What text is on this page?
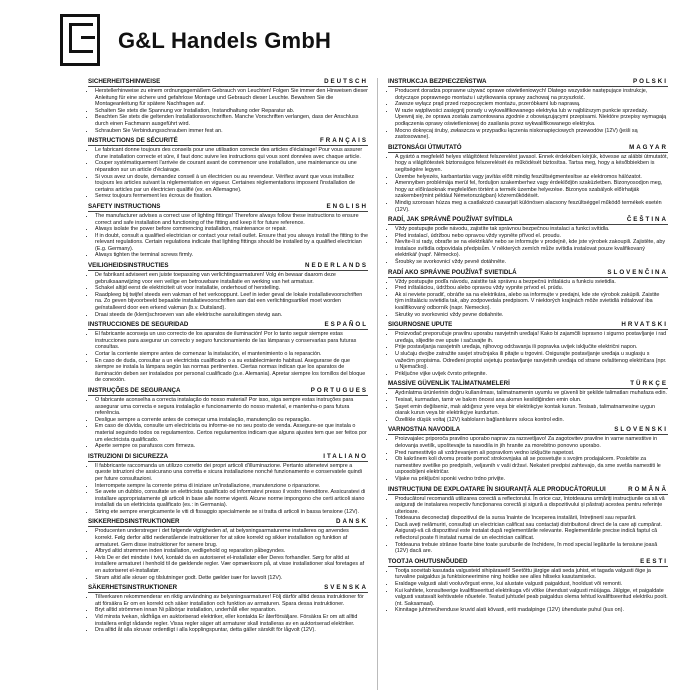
G&L Handels GmbH
SICHERHEITSHINWEISE	DEUTSCH
• Herstellerhinweise zu einem ordnungsgemäßem Gebrauch von Leuchten! Folgen Sie immer den Hinweisen dieser Anleitung für eine sichere und gefahrlose Montage und Gebrauch dieser Leuchte. Bewahren Sie die Montageanleitung für spätere Nachfragen auf.
• Schalten Sie stets die Spannung vor Installation, Instandhaltung oder Reparatur ab.
• Beachten Sie stets die geltenden Installationsvorschriften. Manche Vorschriften verlangen, dass der Anschluss durch einen Fachmann ausgeführt wird.
• Schrauben Sie Verbindungsschrauben immer fest an.
INSTRUCTIONS DE SÉCURITÉ	FRANÇAIS
• Le fabricant donne toujours des conseils pour une utilisation correcte des articles d'éclairage! Pour vous assurer d'une installation correcte et sûre, il faut donc suivre les instructions qui vous sont données avec chaque article.
• Couper systématiquement l'arrivée de courant avant de commencer une installation, une maintenance ou une réparation sur un article d'éclairage.
• Si vous avez un doute, demandez conseil à un électricien ou au revendeur. Vérifiez avant que vous installiez toujours les articles suivant la réglementation en vigueur. Certaines réglementations imposent l'installation de certains articles par un électricien qualifié (ex. en Allemagne).
• Serrez toujours fermement les écrous de fixation.
SAFETY INSTRUCTIONS	ENGLISH
• The manufacturer advises a correct use of lighting fittings! Therefore always follow these instructions to ensure correct and safe installation and functioning of the fitting and keep it for future reference.
• Always isolate the power before commencing installation, maintenance or repair.
• If in doubt, consult a qualified electrician or contact your retail outlet. Ensure that you always install the fitting to the relevant regulations. Certain regulations indicate that lighting fittings should be installed by a qualified electrician (E.g. Germany).
• Always tighten the terminal screws firmly.
VEILIGHEIDSINSTRUCTIES	NEDERLANDS
• De fabrikant adviseert een juiste toepassing van verlichtingsarmaturen! Volg én bewaar daarom deze gebruiksaanwijzing voor een veilige en betrouwbare installatie en werking van het armatuur.
• Schakel altijd eerst de elektriciteit uit voor installatie, onderhoud of herstelling.
• Raadpleeg bij twijfel steeds een vakman of het verkooppunt. Leef in ieder geval de lokale installatievoorschriften na. Zo geven bijvoorbeeld bepaalde installatievoorschriften aan dat een verlichtingsartikel moet worden geïnstalleerd door een erkend vakman (b.v. Duitsland).
• Draai steeds de (klem)schroeven van alle elektrische aansluitingen stevig aan.
INSTRUCCIONES DE SEGURIDAD	ESPAÑOL
• El fabricante aconseja un uso correcto de los aparatos de iluminación! Por lo tanto seguir siempre estas instrucciones para asegurar un correcto y seguro funcionamiento de las lámparas y conservarlas para futuras consultas.
• Cortar la corriente siempre antes de comenzar la instalación, el mantenimiento o la reparación.
• En caso de duda, consultar a un electricista cualificado o a su establecimiento habitual. Asegurarse de que siempre se instala la lámpara según las normas pertinentes. Ciertas normas indican que los aparatos de iluminación deben ser instalados por personal cualificado (p.e. Alemania). Apretar siempre los tornillos del bloque de conexión.
INSTRUÇÕES DE SEGURANÇA	PORTUGUES
• O fabricante aconselha a correcta instalação do nosso material! Por isso, siga sempre estas instruções para assegurar uma correcta e segura instalação e funcionamento do nosso material, e mantenha-o para futura referência.
• Desligue sempre a corrente antes de começar uma instalação, manutenção ou reparação.
• Em caso de dúvida, consulte um electricista ou informe-se no seu posto de venda. Assegure-se que instala o material seguindo todos os regulamentos. Certos regulamentos indicam que alguns ajustes tem que ser feitos por um electricista qualificado.
• Aperte sempre os parafusos com firmeza.
ISTRUZIONI DI SICUREZZA	ITALIANO
• Il fabbricante raccomanda un utilizzo corretto dei propri articoli d'illuminazione. Pertanto attenetevi sempre a queste istruzioni che assicurano una corretta e sicura installazione nonché funzionamento e conservatele quindi per future consultazioni.
• Interrompete sempre la corrente prima di iniziare un'installazione, manutenzione o riparazione.
• Se avete un dubbio, consultate un elettricista qualificato od informatevi presso il vostro rivenditore. Assicuratevi di installare appropriatamente gli articoli in base alle norme vigenti. Alcune norme impongono che certi articoli siano installati da un elettricista qualificato (es.: in Germania).
• String ete sempre energicamente le viti di fissaggio specialmente se si tratta di articoli in bassa tensione (12V).
SIKKERHEDSINSTRUKTIONER	DANSK
• Producenten understreger i det følgende vigtigheden af, at belysningsarmaturerne installeres og anvendes korrekt. Følg derfor altid nedenstående instruktioner for at sikre korrekt og sikker installation og funktion af armaturet. Gem disse instruktioner for senere brug.
• Afbryd altid strømmen inden installation, vedligehold og reparation påbegyndes.
• Hvis De er det mindste i tvivl, kontakt da en autoriseret el-installatør eller Deres forhandler. Sørg for altid at installere armaturet i henhold til de gældende regler. Vær opmærksom på, at visse installationer skal foretages af en autoriseret el-installatør.
• Stram altid alle skruer og tilslutninger godt. Dette gælder især for lavvolt (12V).
SÄKERHETSINSTRUKTIONER	SVENSKA
• Tillverkaren rekommenderar en riktig användning av belysningsarmaturer! Följ därför alltid dessa instruktioner för att försäkra Er om en korrekt och säker installation och funktion av armaturen. Spara dessa instruktioner.
• Bryt alltid strömmen innan Ni påbörjar installation, underhåll eller reparation.
• Vid minsta tvekan, rådfråga en auktoriserad elektriker, eller kontakta Er återförsäljare. Försäkra Er om att alltid installera enligt rådande regler. Vissa regler säger att armaturer skall installeras av en auktoriserad elektriker.
• Dra alltid åt alla skruvar ordentligt i alla kopplingspuntar, detta gäller särskilt för lågvolt (12V).
INSTRUKCJA BEZPIECZEŃSTWA	POLSKI
• Producent doradza poprawne używać oprawe oświetleniowych! Dlatego wszystkie następujące instrukcje, dotyczące poprawnego montażu i użytkowania oprawy zachowaj na przyszłość.
• Zawsze wyłącz prąd przed rozpoczęciem montażu, przeróbkami lub naprawą.
• W razie wątpliwości zasięgnij porady u wykwalifikowanego elektryka lub w najbliższym punkcie sprzedaży. Upewnij się, że oprawa została zamontowana zgodnie z obowiązującymi przepisami. Niektóre przepisy wymagają podłączenia oprawy oświetleniowej do zasilania przez wykwalifikowanego elektryka.
• Mocno dokręcaj śruby, zwłaszcza w przypadku łączenia niskonapięciowych przewodów (12V) (jeśli są zastosowane).
BIZTONSÁGI ÚTMUTATÓ	MAGYAR
• A gyártó a megfelelő helyes világítótest felszerelést javasol. Ennek érdekében kérjük, kövesse az alábbi útmutatót, hogy a világítótestek biztonságos felszerelését és működését biztosítsa. Tartsa meg, hogy a későbbiekben is segítségére legyen.
• Üzembe helyezés, karbantartás vagy javítás előtt mindig feszültségmentesítse az elektromos hálózatot.
• Amennyiben problémája merül fel, forduljon szakemberhez vagy érdeklődjön szaküzletben. Bizonyosodjon meg, hogy az előírásoknak megfelelően történt a termék üzembe helyezése. Bizonyos szabályok előírhatják szakember(mint például Németországban) közreműködését.
• Mindig szorosan húzza meg a csatlakozó csavarjait különösen alacsony feszültséggel működő termékek esetén (12V).
RADÍ, JAK SPRÁVNĚ POUŽÍVAT SVÍTIDLA	ČEŠTINA
• Vždy postupujte podle návodu, zajistíte tak správnou bezpečnou instalaci a funkci svítidla.
• Před instalací, údržbou nebo opravou vždy vypněte přívod el. proudu.
• Nevíte-li si rady, obraťte se na elektrikáře nebo se informujte v prodejně, kde jste výrobek zakoupili. Zajistěte, aby instalace svítidla odpovídala předpisům. V některých zemích může svítidla instalovat pouze kvalifikovaný elektrikář (např. Německo).
• Šroubky se svorkovnicí vždy pevně dotáhněte.
RADÍ AKO SPRÁVNE POUŽÍVAŤ SVIETIDLÁ	SLOVENČINA
• Vždy postupujte podľa návodu, zaistíte tak správnu a bezpečnú inštaláciu a funkciu svietidla.
• Pred inštaláciou, údržbou alebo opravou vždy vypnite prívod el. prúdu.
• Ak si neviete poradiť, obráťte sa na elektrikára, alebo sa informujte v predajni, kde ste výrobok zakúpili. Zaistite tým inštaláciu svietidla tak, aby zodpovedala predpisom. V niektorých krajinách môže svietidlá inštalovať iba kvalifikovaný odborník (napr. Nemecko).
• Skrutky vo svorkovnici vždy pevne dotiahnite.
SIGURNOSNE UPUTE	HRVATSKI
• Proizvođač preporučuje pravilnu uporabu rasvjetnih uređaja! Kako bi zajamčili ispravno i sigurno postavljanje i rad uređaja, slijedite ove upute i sačuvajte ih.
• Prije postavljanja rasvjetnih uređaja, njihovog održavanja ili popravka uvijek isključite električni napon.
• U slučaju dvojbe zatražite savjet stručnjaka ili pitajte u trgovini. Osigurajte postavljanje uređaja u suglasju s važećim propisima. Određeni propisi uvjetuju postavljanje rasvjetnih uređaja od strane ovlaštenog električara (npr. u Njemačkoj).
• Priključne vijke uvijek čvrsto pritegnite.
MASSİVE GÜVENLİK TALİMATNAMELERİ	TÜRKÇE
• Aydınlatma ürünlerinin doğru kullanılması, talimatnamenin uyumlu ve güvenli bir şekilde talimatları muhafaza edin.
• Tesisat, kurmadan, tamir ve bakım öncesi ana akımın kesildiğinden emin olun.
• Şayet emin değilseniz, malı aldığınız yere veya bir elektrikçiye kontak kurun. Tesisatı, talimatnamesine uygun olarak kurun veya bir elektrikçiye kurdurtun.
• Özellikle düşük voltaj (12V) kabloların bağlantılarını sıkıca kontrol edin.
VARNOSTNA NAVODILA	SLOVENSKI
• Proizvajalec priporoča pravilno uporabo naprav za razsvetljavo! Za zagotovitev pravilne in varne namestitve in delovanja svetilk, upoštevajte ta navodila in jih hranite za morebitno ponovno uporabo.
• Pred namestitvijo ali vzdrževanjem ali popravilom vedno izključite napetost.
• Ob kakršnem koli dvomu prosite pomoč strokovnjaka ali se posvetujte s svojim prodajalcem. Poskrbite za namestitev svetilke po predpisih, veljavnih v vaši državi. Nekateri predpisi zahtevajo, da sme svetila namestiti le usposobljeni električar.
• Vijake na priključni sponki vedno trdno privijte.
INSTRUCȚIUNI DE EXPLOATARE ÎN SIGURANȚĂ ALE PRODUCĂTORULUI	ROMÂNĂ
• Producătorul recomandă utilizarea corectă a reflectorului. În orice caz, întotdeauna urmăriți instrucțiunile ca să vă asigurați de instalarea respectiv funcționarea corectă și sigură a dispozitivului și păstrați acestea pentru referințe ulterioare.
• Totdeauna deconectați dispozitivul de la sursa înainte de începerea instalării, întreținerii sau reparării.
• Dacă aveți nelămuriri, consultați un electrician calificat sau contactați distribuitorul direct de la care ați cumpărat. Asigurați-vă că dispozitivul este instalat după reglementările relevante. Reglementările precise indică faptul că reflectorul poate fi instalat numai de un electrician calificat.
• Totdeauna trebuie strânse foarte bine toate șuruburile de închidere, în mod special legăturile la tensiune joasă (12V) dacă are.
TOOTJA OHUTUSNÕUDED	EESTI
• Tootja soovitab kasutada valgusteid sihipäraselt! Seetõttu järgige alati seda juhist, et tagada valgusti õige ja turvaline paigaldus ja funktsioneerimine ning hoidke see alles hiliseks kasutamiseks.
• Eraldage valgusti alati vooluvõrgust enne, kui alustate valgusti paigaldust, hooldust või remonti.
• Kui kahtlete, konsulteerige kvalifitseeritud elektrikuga või võtke ühendust valgusti müüjaga. Jälgige, et paigaldate valgusti vastavalt kehtivatele nõuetele. Teatud juhtudel peab paigaldus olema tehtud kvalifitseeritud elektriku poolt. (nt. Saksamaal).
• Kinnitage juhtmeühenduse kruvid alati kõvasti, eriti madalpinge (12V) ühenduste puhul (kus on).
